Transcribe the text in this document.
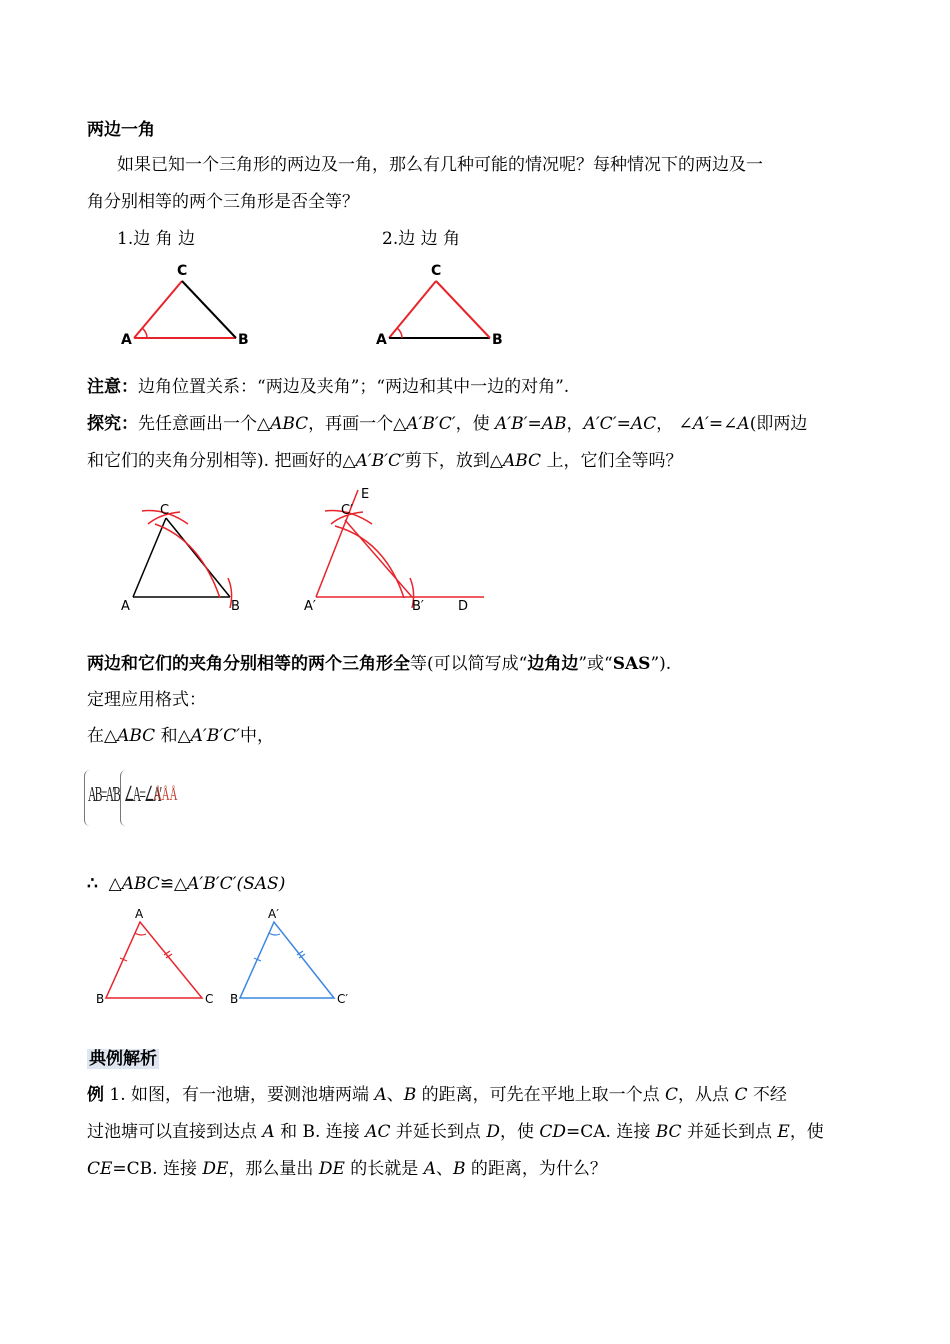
两边一角
如果已知一个三角形的两边及一角，那么有几种可能的情况呢？每种情况下的两边及一
角分别相等的两个三角形是否全等？
1.边 角 边	2.边 边 角
A	B
C
A	B
C
注意：边角位置关系：“两边及夹角”；“两边和其中一边的对角”.
探究：先任意画出一个△ABC，再画一个△A′B′C′，使 A′B′=AB，A′C′=AC， ∠A′=∠A(即两边
和它们的夹角分别相等). 把画好的△A′B′C′剪下，放到△ABC 上，它们全等吗？
A	B
C
A′	B′
C′
D
E
两边和它们的夹角分别相等的两个三角形全等(可以简写成“边角边”或“SAS”).
定理应用格式：
在△ABC 和△A′B′C′中，
AB=A′B′ ∠A=∠A′
ÅÅÅ
∴ △ABC≌△A′B′C′(SAS)
A
B	C
A′
B	C′
典例解析
例 1. 如图，有一池塘，要测池塘两端 A、B 的距离，可先在平地上取一个点 C，从点 C 不经
过池塘可以直接到达点 A 和 B. 连接 AC 并延长到点 D，使 CD=CA. 连接 BC 并延长到点 E，使
CE=CB. 连接 DE，那么量出 DE 的长就是 A、B 的距离，为什么？
